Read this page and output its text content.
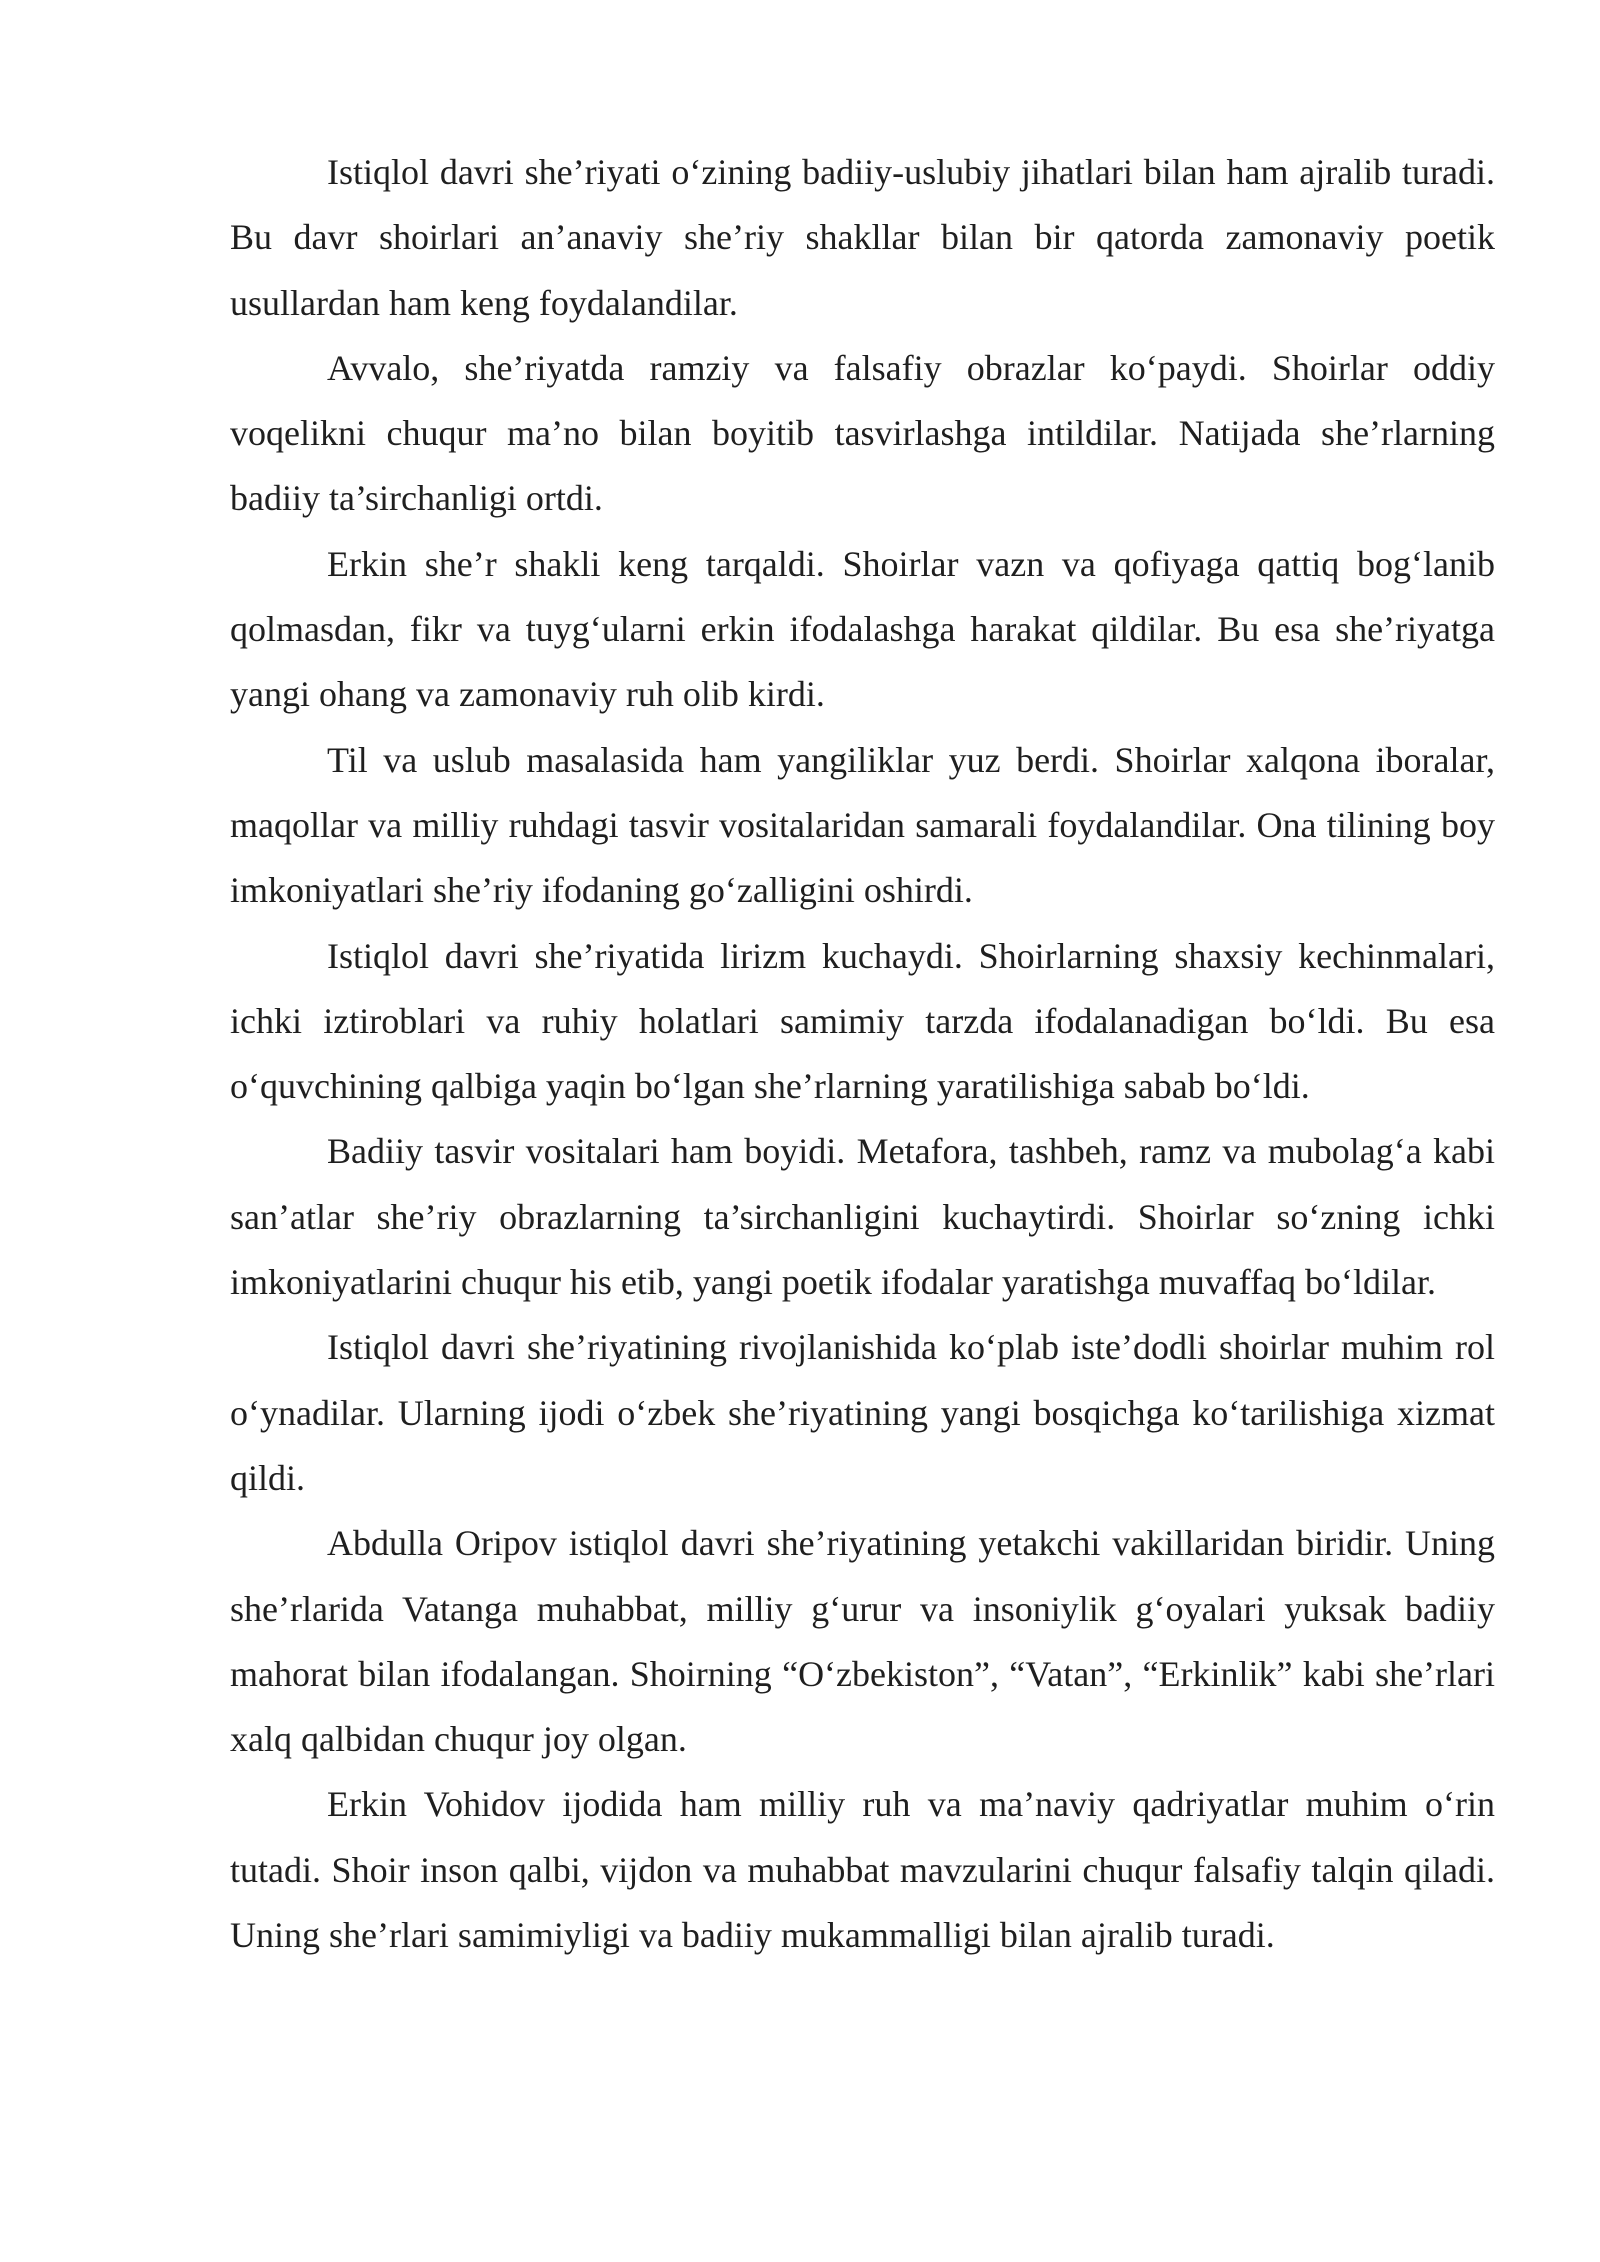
Istiqlol davri she’riyati o‘zining badiiy-uslubiy jihatlari bilan ham ajralib turadi. Bu davr shoirlari an’anaviy she’riy shakllar bilan bir qatorda zamonaviy poetik usullardan ham keng foydalandilar.

Avvalo, she’riyatda ramziy va falsafiy obrazlar ko‘paydi. Shoirlar oddiy voqelikni chuqur ma’no bilan boyitib tasvirlashga intildilar. Natijada she’rlarning badiiy ta’sirchanligi ortdi.

Erkin she’r shakli keng tarqaldi. Shoirlar vazn va qofiyaga qattiq bog‘lanib qolmasdan, fikr va tuyg‘ularni erkin ifodalashga harakat qildilar. Bu esa she’riyatga yangi ohang va zamonaviy ruh olib kirdi.

Til va uslub masalasida ham yangiliklar yuz berdi. Shoirlar xalqona iboralar, maqollar va milliy ruhdagi tasvir vositalaridan samarali foydalandilar. Ona tilining boy imkoniyatlari she’riy ifodaning go‘zalligini oshirdi.

Istiqlol davri she’riyatida lirizm kuchaydi. Shoirlarning shaxsiy kechinmalari, ichki iztiroblari va ruhiy holatlari samimiy tarzda ifodalanadigan bo‘ldi. Bu esa o‘quvchining qalbiga yaqin bo‘lgan she’rlarning yaratilishiga sabab bo‘ldi.

Badiiy tasvir vositalari ham boyidi. Metafora, tashbeh, ramz va mubolag‘a kabi san’atlar she’riy obrazlarning ta’sirchanligini kuchaytirdi. Shoirlar so‘zning ichki imkoniyatlarini chuqur his etib, yangi poetik ifodalar yaratishga muvaffaq bo‘ldilar.

Istiqlol davri she’riyatining rivojlanishida ko‘plab iste’dodli shoirlar muhim rol o‘ynadilar. Ularning ijodi o‘zbek she’riyatining yangi bosqichga ko‘tarilishiga xizmat qildi.

Abdulla Oripov istiqlol davri she’riyatining yetakchi vakillaridan biridir. Uning she’rlarida Vatanga muhabbat, milliy g‘urur va insoniylik g‘oyalari yuksak badiiy mahorat bilan ifodalangan. Shoirning “O‘zbekiston”, “Vatan”, “Erkinlik” kabi she’rlari xalq qalbidan chuqur joy olgan.

Erkin Vohidov ijodida ham milliy ruh va ma’naviy qadriyatlar muhim o‘rin tutadi. Shoir inson qalbi, vijdon va muhabbat mavzularini chuqur falsafiy talqin qiladi. Uning she’rlari samimiyligi va badiiy mukammalligi bilan ajralib turadi.
